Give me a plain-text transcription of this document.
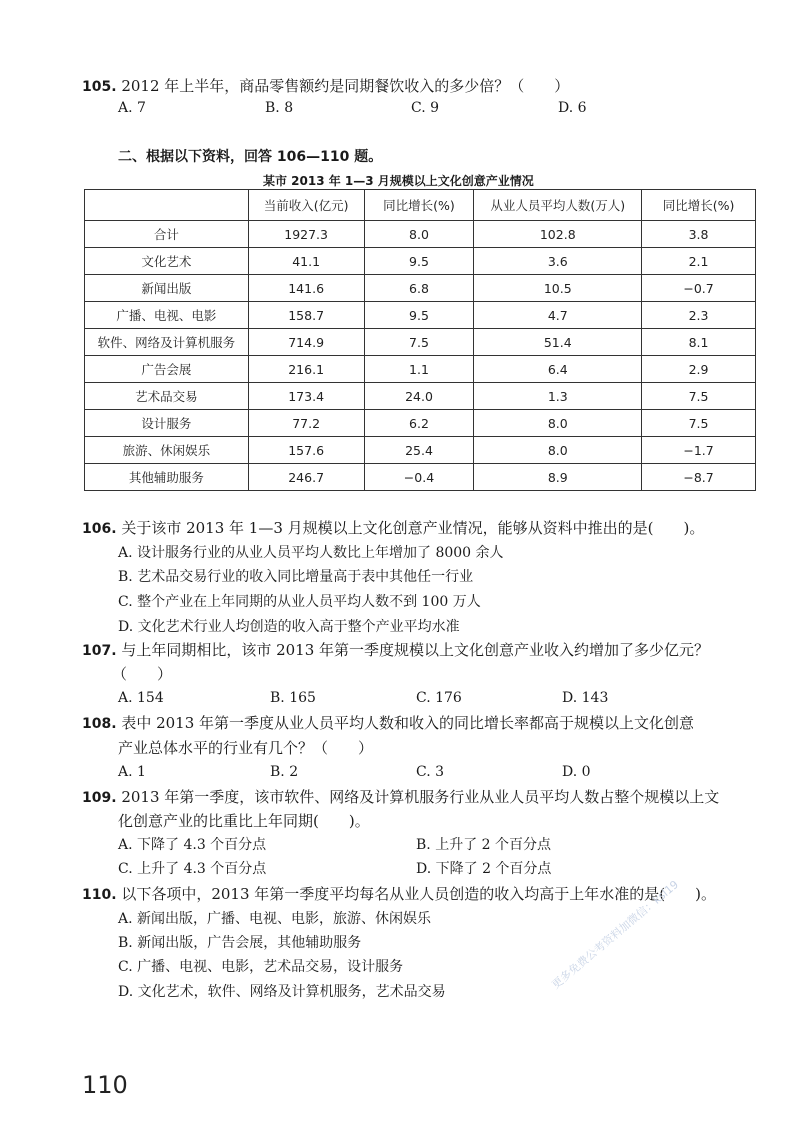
105. 2012 年上半年，商品零售额约是同期餐饮收入的多少倍？（　　）
A. 7	B. 8	C. 9	D. 6
二、根据以下资料，回答 106—110 题。
某市 2013 年 1—3 月规模以上文化创意产业情况
	当前收入(亿元)	同比增长(%)	从业人员平均人数(万人)	同比增长(%)
合计	1927.3	8.0	102.8	3.8
文化艺术	41.1	9.5	3.6	2.1
新闻出版	141.6	6.8	10.5	−0.7
广播、电视、电影	158.7	9.5	4.7	2.3
软件、网络及计算机服务	714.9	7.5	51.4	8.1
广告会展	216.1	1.1	6.4	2.9
艺术品交易	173.4	24.0	1.3	7.5
设计服务	77.2	6.2	8.0	7.5
旅游、休闲娱乐	157.6	25.4	8.0	−1.7
其他辅助服务	246.7	−0.4	8.9	−8.7
106. 关于该市 2013 年 1—3 月规模以上文化创意产业情况，能够从资料中推出的是(　　)。
A. 设计服务行业的从业人员平均人数比上年增加了 8000 余人
B. 艺术品交易行业的收入同比增量高于表中其他任一行业
C. 整个产业在上年同期的从业人员平均人数不到 100 万人
D. 文化艺术行业人均创造的收入高于整个产业平均水准
107. 与上年同期相比，该市 2013 年第一季度规模以上文化创意产业收入约增加了多少亿元？
（　　）
A. 154	B. 165	C. 176	D. 143
108. 表中 2013 年第一季度从业人员平均人数和收入的同比增长率都高于规模以上文化创意
产业总体水平的行业有几个？（　　）
A. 1	B. 2	C. 3	D. 0
109. 2013 年第一季度，该市软件、网络及计算机服务行业从业人员平均人数占整个规模以上文
化创意产业的比重比上年同期(　　)。
A. 下降了 4.3 个百分点	B. 上升了 2 个百分点
C. 上升了 4.3 个百分点	D. 下降了 2 个百分点
110. 以下各项中，2013 年第一季度平均每名从业人员创造的收入均高于上年水准的是(　　)。
A. 新闻出版，广播、电视、电影，旅游、休闲娱乐
B. 新闻出版，广告会展，其他辅助服务
C. 广播、电视、电影，艺术品交易，设计服务
D. 文化艺术，软件、网络及计算机服务，艺术品交易
更多免费公考资料加微信：ksl19
110
